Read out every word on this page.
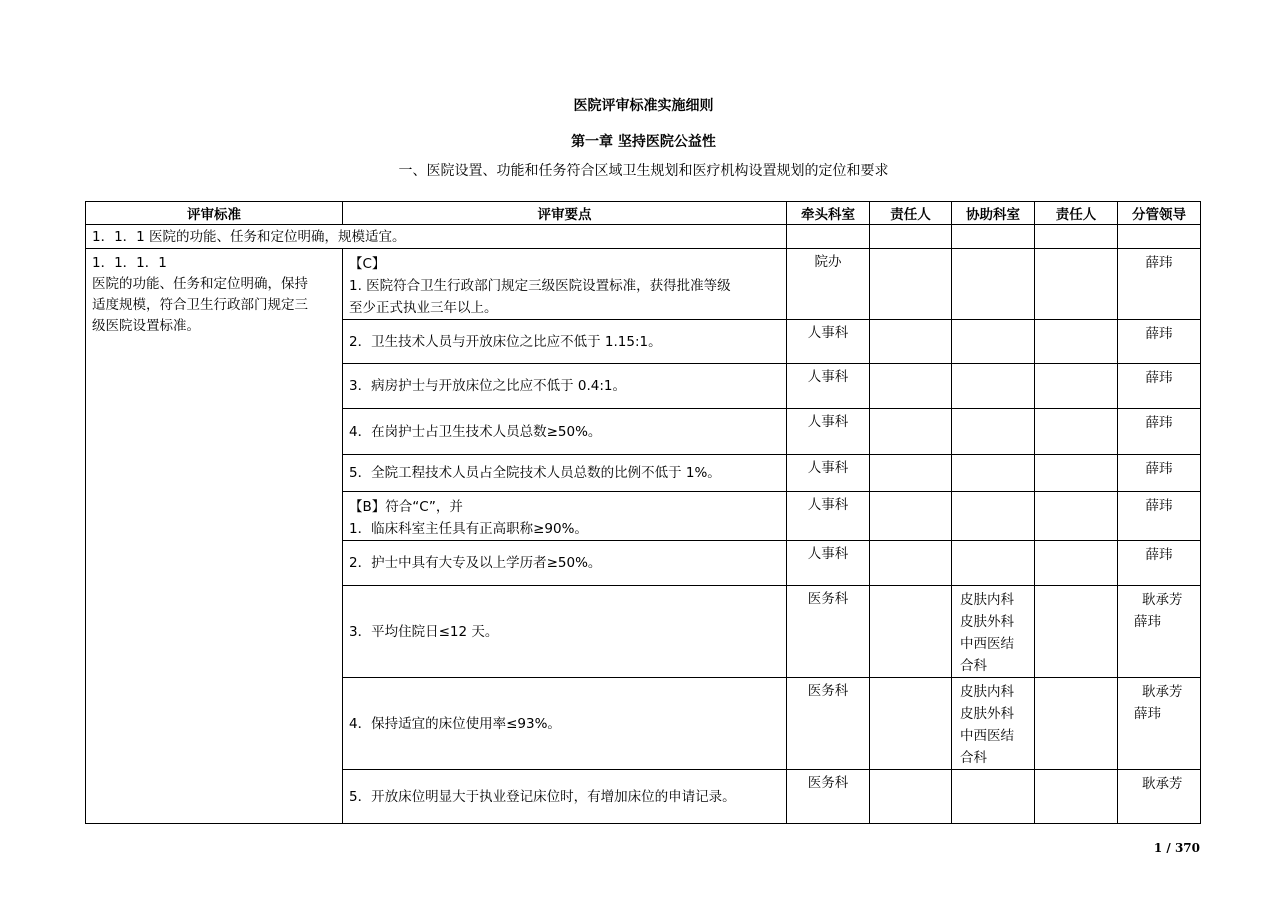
医院评审标准实施细则
第一章 坚持医院公益性
一、医院设置、功能和任务符合区域卫生规划和医疗机构设置规划的定位和要求
评审标准	评审要点	牵头科室	责任人	协助科室	责任人	分管领导
1．1．1 医院的功能、任务和定位明确，规模适宜。						

1．1．1．1
医院的功能、任务和定位明确，保持
适度规模，符合卫生行政部门规定三
级医院设置标准。	【C】
1. 医院符合卫生行政部门规定三级医院设置标准，获得批准等级
至少正式执业三年以上。	院办				薛玮
	2．卫生技术人员与开放床位之比应不低于 1.15:1。	人事科				薛玮
	3．病房护士与开放床位之比应不低于 0.4:1。	人事科				薛玮
	4．在岗护士占卫生技术人员总数≥50%。	人事科				薛玮
	5．全院工程技术人员占全院技术人员总数的比例不低于 1%。	人事科				薛玮

	【B】符合“C”，并
1．临床科室主任具有正高职称≥90%。	人事科				薛玮
	2．护士中具有大专及以上学历者≥50%。	人事科				薛玮
	3．平均住院日≤12 天。	医务科		皮肤内科
皮肤外科
中西医结
合科		耿承芳
薛玮

	4．保持适宜的床位使用率≤93%。	医务科		皮肤内科
皮肤外科
中西医结
合科		耿承芳
薛玮

	5．开放床位明显大于执业登记床位时，有增加床位的申请记录。	医务科				耿承芳
1 / 370
